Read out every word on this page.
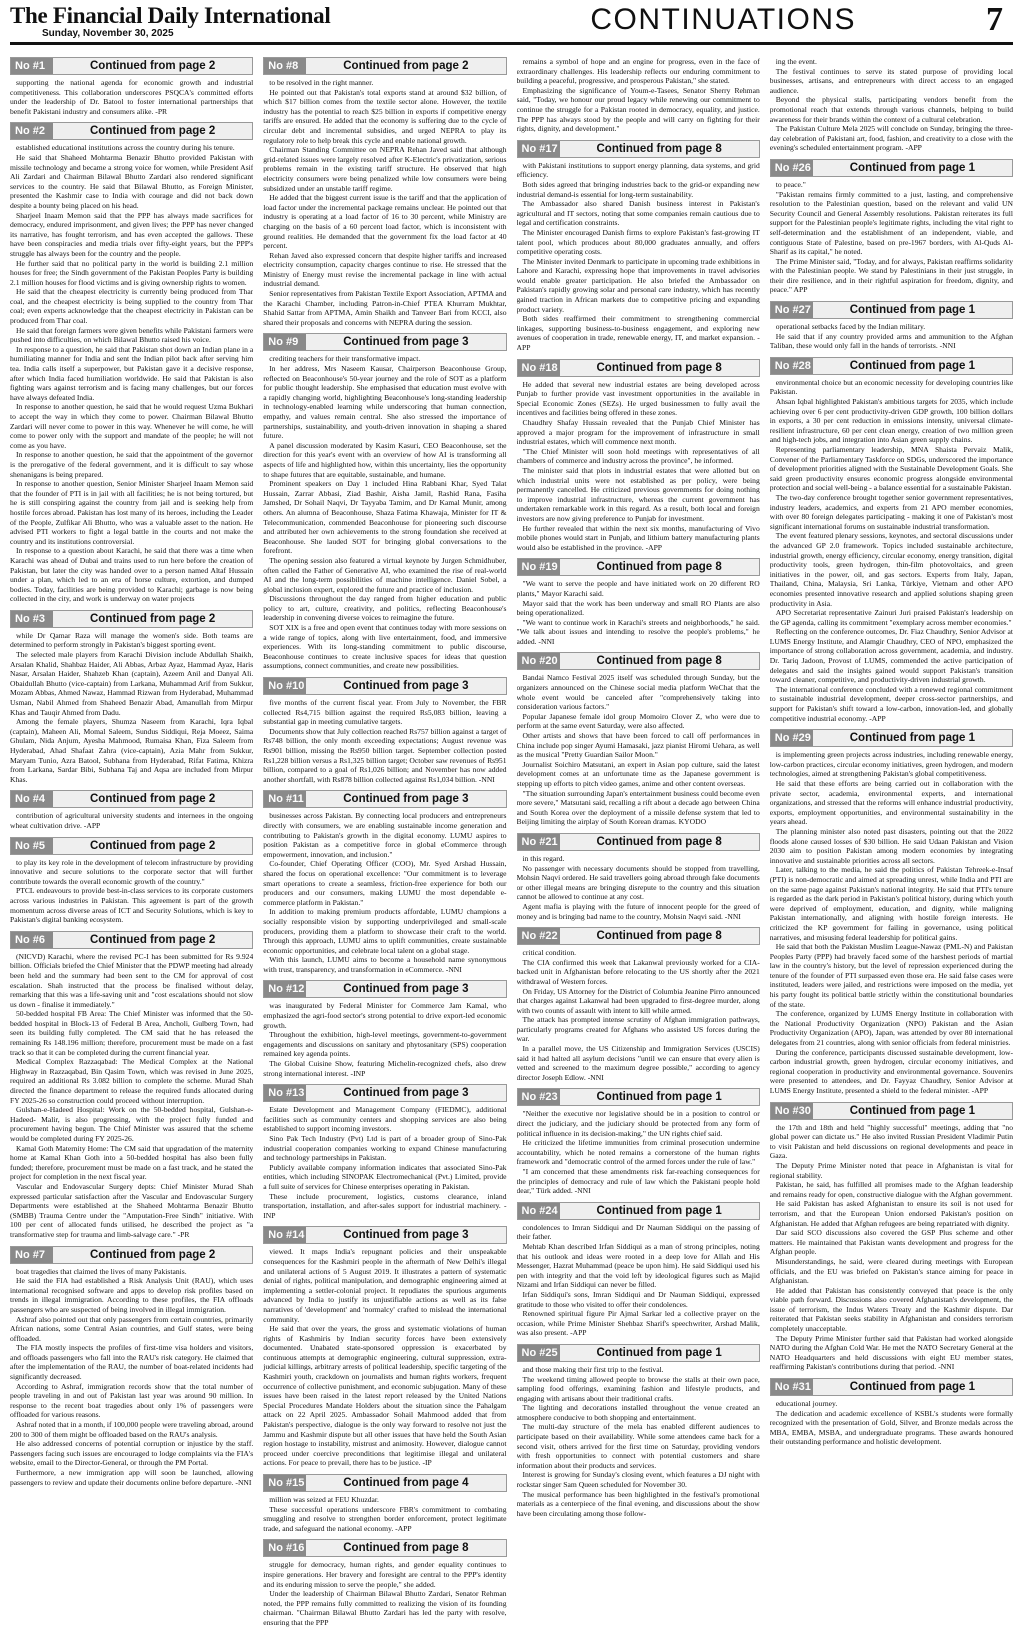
The Financial Daily International
Sunday, November 30, 2025	CONTINUATIONS	7
No #1	Continued from page 2

supporting the national agenda for economic growth and industrial competitiveness. This collaboration underscores PSQCA's committed efforts under the leadership of Dr. Batool to foster international partnerships that benefit Pakistani industry and consumers alike. -PR

No #2	Continued from page 2

established educational institutions across the country during his tenure.

He said that Shaheed Mohtarma Benazir Bhutto provided Pakistan with missile technology and became a strong voice for women, while President Asif Ali Zardari and Chairman Bilawal Bhutto Zardari also rendered significant services to the country. He said that Bilawal Bhutto, as Foreign Minister, presented the Kashmir case to India with courage and did not back down despite a bounty being placed on his head.

Sharjeel Inaam Memon said that the PPP has always made sacrifices for democracy, endured imprisonment, and given lives; the PPP has never changed its narrative, has fought terrorism, and has even accepted the gallows. These have been conspiracies and media trials over fifty-eight years, but the PPP's struggle has always been for the country and the people.

He further said that no political party in the world is building 2.1 million houses for free; the Sindh government of the Pakistan Peoples Party is building 2.1 million houses for flood victims and is giving ownership rights to women.

He said that the cheapest electricity is currently being produced from Thar coal, and the cheapest electricity is being supplied to the country from Thar coal; even experts acknowledge that the cheapest electricity in Pakistan can be produced from Thar coal.

He said that foreign farmers were given benefits while Pakistani farmers were pushed into difficulties, on which Bilawal Bhutto raised his voice.

In response to a question, he said that Pakistan shot down an Indian plane in a humiliating manner for India and sent the Indian pilot back after serving him tea. India calls itself a superpower, but Pakistan gave it a decisive response, after which India faced humiliation worldwide. He said that Pakistan is also fighting wars against terrorism and is facing many challenges, but our forces have always defeated India.

In response to another question, he said that he would request Uzma Bukhari to accept the way in which they come to power. Chairman Bilawal Bhutto Zardari will never come to power in this way. Whenever he will come, he will come to power only with the support and mandate of the people; he will not come as you have.

In response to another question, he said that the appointment of the governor is the prerogative of the federal government, and it is difficult to say whose shenanigans is being prepared.

In response to another question, Senior Minister Sharjeel Inaam Memon said that the founder of PTI is in jail with all facilities; he is not being tortured, but he is still conspiring against the country from jail and is seeking help from hostile forces abroad. Pakistan has lost many of its heroes, including the Leader of the People, Zulfikar Ali Bhutto, who was a valuable asset to the nation. He advised PTI workers to fight a legal battle in the courts and not make the country and its institutions controversial.

In response to a question about Karachi, he said that there was a time when Karachi was ahead of Dubai and trains used to run here before the creation of Pakistan, but later the city was handed over to a person named Altaf Hussain under a plan, which led to an era of horse culture, extortion, and dumped bodies. Today, facilities are being provided to Karachi; garbage is now being collected in the city, and work is underway on water projects

No #3	Continued from page 2

while Dr Qamar Raza will manage the women's side. Both teams are determined to perform strongly in Pakistan's biggest sporting event.

The selected male players from Karachi Division include Abdullah Shaikh, Arsalan Khalid, Shahbaz Haider, Ali Abbas, Arbaz Ayaz, Hammad Ayaz, Haris Nasar, Arsalan Haider, Shahzeb Khan (captain), Azeem Anil and Danyal Ali. Obaidullah Bhutto (vice-captain) from Larkana, Muhammad Arif from Sukkur, Mozam Abbas, Ahmed Nawaz, Hammad Rizwan from Hyderabad, Muhammad Usman, Nabil Ahmed from Shaheed Benazir Abad, Amanullah from Mirpur Khas and Tauqir Ahmed from Dadu.

Among the female players, Shumza Naseem from Karachi, Iqra Iqbal (captain), Maheen Ali, Momal Saleem, Sundus Siddiqui, Reja Moeez, Saima Ghulam, Nida Anjum, Ayesha Mahmood, Rumaisa Khan, Fiza Saleem from Hyderabad, Ahad Shafaat Zahra (vice-captain), Azia Mahr from Sukkur, Maryam Tunio, Azra Batool, Subhana from Hyderabad, Rifat Fatima, Khizra from Larkana, Sardar Bibi, Subhana Taj and Aqsa are included from Mirpur Khas.

No #4	Continued from page 2

contribution of agricultural university students and internees in the ongoing wheat cultivation drive. -APP

No #5	Continued from page 2

to play its key role in the development of telecom infrastructure by providing innovative and secure solutions to the corporate sector that will further contribute towards the overall economic growth of the country."

PTCL endeavours to provide best-in-class services to its corporate customers across various industries in Pakistan. This agreement is part of the growth momentum across diverse areas of ICT and Security Solutions, which is key to Pakistan's digital banking ecosystem.

No #6	Continued from page 2

(NICVD) Karachi, where the revised PC-I has been submitted for Rs 9.924 billion. Officials briefed the Chief Minister that the PDWP meeting had already been held and the summary had been sent to the CM for approval of cost escalation. Shah instructed that the process be finalised without delay, remarking that this was a life-saving unit and "cost escalations should not slow us down - finalise it immediately."

50-bedded hospital FB Area: The Chief Minister was informed that the 50-bedded hospital in Block-13 of Federal B Area, Ancholi, Gulberg Town, had seen its building fully completed. The CM said that he has released the remaining Rs 148.196 million; therefore, procurement must be made on a fast track so that it can be completed during the current financial year.

Medical Complex Razzaqabad: The Medical Complex at the National Highway in Razzaqabad, Bin Qasim Town, which was revised in June 2025, required an additional Rs 3.082 billion to complete the scheme. Murad Shah directed the finance department to release the required funds allocated during FY 2025-26 so construction could proceed without interruption.

Gulshan-e-Hadeed Hospital: Work on the 50-bedded hospital, Gulshan-e-Hadeed- Malir, is also progressing, with the project fully funded and procurement having begun. The Chief Minister was assured that the scheme would be completed during FY 2025-26.

Kamal Goth Maternity Home: The CM said that upgradation of the maternity home at Kamal Khan Goth into a 50-bedded hospital has also been fully funded; therefore, procurement must be made on a fast track, and he stated the project for completion in the next fiscal year.

Vascular and Endovascular Surgery depts: Chief Minister Murad Shah expressed particular satisfaction after the Vascular and Endovascular Surgery Departments were established at the Shaheed Mohtarma Benazir Bhutto (SMBB) Trauma Centre under the "Amputation-Free Sindh" initiative. With 100 per cent of allocated funds utilised, he described the project as "a transformative step for trauma and limb-salvage care." -PR

No #7	Continued from page 2

boat tragedies that claimed the lives of many Pakistanis.

He said the FIA had established a Risk Analysis Unit (RAU), which uses international recognised software and apps to develop risk profiles based on trends in illegal immigration. According to these profiles, the FIA offloads passengers who are suspected of being involved in illegal immigration.

Ashraf also pointed out that only passengers from certain countries, primarily African nations, some Central Asian countries, and Gulf states, were being offloaded.

The FIA mostly inspects the profiles of first-time visa holders and visitors, and offloads passengers who fall into the RAU's risk category. He claimed that after the implementation of the RAU, the number of boat-related incidents had significantly decreased.

According to Ashraf, immigration records show that the total number of people traveling in and out of Pakistan last year was around 90 million. In response to the recent boat tragedies about only 1% of passengers were offloaded for various reasons.

Ashraf noted that in a month, if 100,000 people were traveling abroad, around 200 to 300 of them might be offloaded based on the RAU's analysis.

He also addressed concerns of potential corruption or injustice by the staff. Passengers facing such issues are encouraged to lodge complaints via the FIA's website, email to the Director-General, or through the PM Portal.

Furthermore, a new immigration app will soon be launched, allowing passengers to review and update their documents online before departure. -NNI

No #8	Continued from page 2

to be resolved in the right manner.

He pointed out that Pakistan's total exports stand at around $32 billion, of which $17 billion comes from the textile sector alone. However, the textile industry has the potential to reach $25 billion in exports if competitive energy tariffs are ensured. He added that the economy is suffering due to the cycle of circular debt and incremental subsidies, and urged NEPRA to play its regulatory role to help break this cycle and enable national growth.

Chairman Standing Committee on NEPRA Rehan Javed said that although grid-related issues were largely resolved after K-Electric's privatization, serious problems remain in the existing tariff structure. He observed that high electricity consumers were being penalized while low consumers were being subsidized under an unstable tariff regime.

He added that the biggest current issue is the tariff and that the application of load factor under the incremental package remains unclear. He pointed out that industry is operating at a load factor of 16 to 30 percent, while Ministry are charging on the basis of a 60 percent load factor, which is inconsistent with ground realities. He demanded that the government fix the load factor at 40 percent.

Rehan Javed also expressed concern that despite higher tariffs and increased electricity consumption, capacity charges continue to rise. He stressed that the Ministry of Energy must revise the incremental package in line with actual industrial demand.

Senior representatives from Pakistan Textile Export Association, APTMA and the Karachi Chamber, including Patron-in-Chief PTEA Khurram Mukhtar, Shahid Sattar from APTMA, Amin Shaikh and Tanveer Bari from KCCI, also shared their proposals and concerns with NEPRA during the session.

No #9	Continued from page 3

crediting teachers for their transformative impact.

In her address, Mrs Naseem Kausar, Chairperson Beaconhouse Group, reflected on Beaconhouse's 50-year journey and the role of SOT as a platform for public thought leadership. She emphasised that education must evolve with a rapidly changing world, highlighting Beaconhouse's long-standing leadership in technology-enabled learning while underscoring that human connection, empathy, and values remain central. She also stressed the importance of partnerships, sustainability, and youth-driven innovation in shaping a shared future.

A panel discussion moderated by Kasim Kasuri, CEO Beaconhouse, set the direction for this year's event with an overview of how AI is transforming all aspects of life and highlighted how, within this uncertainty, lies the opportunity to shape futures that are equitable, sustainable, and humane.

Prominent speakers on Day 1 included Hina Rabbani Khar, Syed Talat Hussain, Zarrar Abbasi, Ziad Bashir, Aisha Jamil, Rashid Rana, Fasiha Jamshed, Dr Sohail Naqvi, Dr Tayyaba Tamim, and Dr Kamal Munir, among others. An alumna of Beaconhouse, Shaza Fatima Khawaja, Minister for IT & Telecommunication, commended Beaconhouse for pioneering such discourse and attributed her own achievements to the strong foundation she received at Beaconhouse. She lauded SOT for bringing global conversations to the forefront.

The opening session also featured a virtual keynote by Jurgen Schmidhuber, often called the Father of Generative AI, who examined the rise of real-world AI and the long-term possibilities of machine intelligence. Daniel Sobel, a global inclusion expert, explored the future and practice of inclusion.

Discussions throughout the day ranged from higher education and public policy to art, culture, creativity, and politics, reflecting Beaconhouse's leadership in convening diverse voices to reimagine the future.

SOT XIX is a free and open event that continues today with more sessions on a wide range of topics, along with live entertainment, food, and immersive experiences. With its long-standing commitment to public discourse, Beaconhouse continues to create inclusive spaces for ideas that question assumptions, connect communities, and create new possibilities.

No #10	Continued from page 3

five months of the current fiscal year. From July to November, the FBR collected Rs4,715 billion against the required Rs5,083 billion, leaving a substantial gap in meeting cumulative targets.

Documents show that July collection reached Rs757 billion against a target of Rs748 billion, the only month exceeding expectations; August revenue was Rs901 billion, missing the Rs950 billion target. September collection posted Rs1,228 billion versus a Rs1,325 billion target; October saw revenues of Rs951 billion, compared to a goal of Rs1,026 billion; and November has now added another shortfall, with Rs878 billion collected against Rs1,034 billion. -NNI

No #11	Continued from page 3

businesses across Pakistan. By connecting local producers and entrepreneurs directly with consumers, we are enabling sustainable income generation and contributing to Pakistan's growth in the digital economy. LUMU aspires to position Pakistan as a competitive force in global eCommerce through empowerment, innovation, and inclusion."

Co-founder, Chief Operating Officer (COO), Mr. Syed Arshad Hussain, shared the focus on operational excellence: "Our commitment is to leverage smart operations to create a seamless, friction-free experience for both our producers and our consumers, making LUMU the most dependable e-commerce platform in Pakistan."

In addition to making premium products affordable, LUMU champions a socially responsible vision by supporting underprivileged and small-scale producers, providing them a platform to showcase their craft to the world. Through this approach, LUMU aims to uplift communities, create sustainable economic opportunities, and celebrate local talent on a global stage.

With this launch, LUMU aims to become a household name synonymous with trust, transparency, and transformation in eCommerce. -NNI

No #12	Continued from page 3

was inaugurated by Federal Minister for Commerce Jam Kamal, who emphasized the agri-food sector's strong potential to drive export-led economic growth.

Throughout the exhibition, high-level meetings, government-to-government engagements and discussions on sanitary and phytosanitary (SPS) cooperation remained key agenda points.

The Global Cuisine Show, featuring Michelin-recognized chefs, also drew strong international interest. -INP

No #13	Continued from page 3

Estate Development and Management Company (FIEDMC), additional facilities such as community centers and shopping services are also being established to support incoming investors.

Sino Pak Tech Industry (Pvt) Ltd is part of a broader group of Sino-Pak industrial cooperation companies working to expand Chinese manufacturing and technology partnerships in Pakistan.

Publicly available company information indicates that associated Sino-Pak entities, which including SINOPAK Electromechanical (Pvt.) Limited, provide a full suite of services for Chinese enterprises operating in Pakistan.

These include procurement, logistics, customs clearance, inland transportation, installation, and after-sales support for industrial machinery. -INP

No #14	Continued from page 3

viewed. It maps India's repugnant policies and their unspeakable consequences for the Kashmiri people in the aftermath of New Delhi's illegal and unilateral actions of 5 August 2019. It illustrates a pattern of systematic denial of rights, political manipulation, and demographic engineering aimed at implementing a settler-colonial project. It repudiates the spurious arguments advanced by India to justify its unjustifiable actions as well as its false narratives of 'development' and 'normalcy' crafted to mislead the international community.

He said that over the years, the gross and systematic violations of human rights of Kashmiris by Indian security forces have been extensively documented. Unabated state-sponsored oppression is exacerbated by continuous attempts at demographic engineering, cultural suppression, extra-judicial killings, arbitrary arrests of political leadership, specific targeting of the Kashmiri youth, crackdown on journalists and human rights workers, frequent occurrence of collective punishment, and economic subjugation. Many of these issues have been raised in the latest report released by the United Nations Special Procedures Mandate Holders about the situation since the Pahalgam attack on 22 April 2025. Ambassador Sohail Mahmood added that from Pakistan's perspective, dialogue is the only way forward to resolve not just the Jammu and Kashmir dispute but all other issues that have held the South Asian region hostage to instability, mistrust and animosity. However, dialogue cannot proceed under coercive preconditions that legitimise illegal and unilateral actions. For peace to prevail, there has to be justice. -IP

No #15	Continued from page 4

million was seized at FEU Khuzdar.

These successful operations underscore FBR's commitment to combating smuggling and resolve to strengthen border enforcement, protect legitimate trade, and safeguard the national economy. -APP

No #16	Continued from page 8

struggle for democracy, human rights, and gender equality continues to inspire generations. Her bravery and foresight are central to the PPP's identity and its enduring mission to serve the people," she added.

Under the leadership of Chairman Bilawal Bhutto Zardari, Senator Rehman noted, the PPP remains fully committed to realizing the vision of its founding chairman. "Chairman Bilawal Bhutto Zardari has led the party with resolve, ensuring that the PPP

remains a symbol of hope and an engine for progress, even in the face of extraordinary challenges. His leadership reflects our enduring commitment to building a peaceful, progressive, and prosperous Pakistan," she stated.

Emphasizing the significance of Youm-e-Tasees, Senator Sherry Rehman said, "Today, we honour our proud legacy while renewing our commitment to continue the struggle for a Pakistan rooted in democracy, equality, and justice. The PPP has always stood by the people and will carry on fighting for their rights, dignity, and development."

No #17	Continued from page 8

with Pakistani institutions to support energy planning, data systems, and grid efficiency.

Both sides agreed that bringing industries back to the grid-or expanding new industrial demand-is essential for long-term sustainability.

The Ambassador also shared Danish business interest in Pakistan's agricultural and IT sectors, noting that some companies remain cautious due to legal and certification constraints.

The Minister encouraged Danish firms to explore Pakistan's fast-growing IT talent pool, which produces about 80,000 graduates annually, and offers competitive operating costs.

The Minister invited Denmark to participate in upcoming trade exhibitions in Lahore and Karachi, expressing hope that improvements in travel advisories would enable greater participation. He also briefed the Ambassador on Pakistan's rapidly growing solar and personal care industry, which has recently gained traction in African markets due to competitive pricing and expanding product variety.

Both sides reaffirmed their commitment to strengthening commercial linkages, supporting business-to-business engagement, and exploring new avenues of cooperation in trade, renewable energy, IT, and market expansion. -APP

No #18	Continued from page 8

He added that several new industrial estates are being developed across Punjab to further provide vast investment opportunities in the available in Special Economic Zones (SEZs). He urged businessmen to fully avail the incentives and facilities being offered in these zones.

Chaudhry Shafay Hussain revealed that the Punjab Chief Minister has approved a major program for the improvement of infrastructure in small industrial estates, which will commence next month.

"The Chief Minister will soon hold meetings with representatives of all chambers of commerce and industry across the province", he informed.

The minister said that plots in industrial estates that were allotted but on which industrial units were not established as per policy, were being permanently cancelled. He criticized previous governments for doing nothing to improve industrial infrastructure, whereas the current government has undertaken remarkable work in this regard. As a result, both local and foreign investors are now giving preference to Punjab for investment.

He further revealed that within the next six months, manufacturing of Vivo mobile phones would start in Punjab, and lithium battery manufacturing plants would also be established in the province. -APP

No #19	Continued from page 8

"We want to serve the people and have initiated work on 20 different RO plants," Mayor Karachi said.

Mayor said that the work has been underway and small RO Plants are also being operationalized.

"We want to continue work in Karachi's streets and neighborhoods," he said. "We talk about issues and intending to resolve the people's problems," he added. -NNI

No #20	Continued from page 8

Bandai Namco Festival 2025 itself was scheduled through Sunday, but the organizers announced on the Chinese social media platform WeChat that the whole event would be canceled after "comprehensively taking into consideration various factors."

Popular Japanese female idol group Momoiro Clover Z, who were due to perform at the same event Saturday, were also affected.

Other artists and shows that have been forced to call off performances in China include pop singer Ayumi Hamasaki, jazz pianist Hiromi Uehara, as well as the musical "Pretty Guardian Sailor Moon."

Journalist Soichiro Matsutani, an expert in Asian pop culture, said the latest development comes at an unfortunate time as the Japanese government is stepping up efforts to pitch video games, anime and other content overseas.

"The situation surrounding Japan's entertainment business could become even more severe," Matsutani said, recalling a rift about a decade ago between China and South Korea over the deployment of a missile defense system that led to Beijing limiting the airplay of South Korean dramas. KYODO

No #21	Continued from page 8

in this regard.

No passenger with necessary documents should be stopped from travelling, Mohsin Naqvi ordered. He said travellers going abroad through fake documents or other illegal means are bringing disrepute to the country and this situation cannot be allowed to continue at any cost.

Agent mafia is playing with the future of innocent people for the greed of money and is bringing bad name to the country, Mohsin Naqvi said. -NNI

No #22	Continued from page 8

critical condition.

The CIA confirmed this week that Lakanwal previously worked for a CIA-backed unit in Afghanistan before relocating to the US shortly after the 2021 withdrawal of Western forces.

On Friday, US Attorney for the District of Columbia Jeanine Pirro announced that charges against Lakanwal had been upgraded to first-degree murder, along with two counts of assault with intent to kill while armed.

The attack has prompted intense scrutiny of Afghan immigration pathways, particularly programs created for Afghans who assisted US forces during the war.

In a parallel move, the US Citizenship and Immigration Services (USCIS) said it had halted all asylum decisions "until we can ensure that every alien is vetted and screened to the maximum degree possible," according to agency director Joseph Edlow. -NNI

No #23	Continued from page 1

"Neither the executive nor legislative should be in a position to control or direct the judiciary, and the judiciary should be protected from any form of political influence in its decision-making," the UN rights chief said.

He criticized the lifetime immunities from criminal prosecution undermine accountability, which he noted remains a cornerstone of the human rights framework and "democratic control of the armed forces under the rule of law."

"I am concerned that these amendments risk far-reaching consequences for the principles of democracy and rule of law which the Pakistani people hold dear," Türk added. -NNI

No #24	Continued from page 1

condolences to Imran Siddiqui and Dr Nauman Siddiqui on the passing of their father.

Mehtab Khan described Irfan Siddiqui as a man of strong principles, noting that his outlook and ideas were rooted in a deep love for Allah and His Messenger, Hazrat Muhammad (peace be upon him). He said Siddiqui used his pen with integrity and that the void left by ideological figures such as Majid Nizami and Irfan Siddiqui can never be filled.

Irfan Siddiqui's sons, Imran Siddiqui and Dr Nauman Siddiqui, expressed gratitude to those who visited to offer their condolences.

Renowned spiritual figure Pir Ajmal Sarkar led a collective prayer on the occasion, while Prime Minister Shehbaz Sharif's speechwriter, Arshad Malik, was also present. -APP

No #25	Continued from page 1

and those making their first trip to the festival.

The weekend timing allowed people to browse the stalls at their own pace, sampling food offerings, examining fashion and lifestyle products, and engaging with artisans about their traditional crafts.

The lighting and decorations installed throughout the venue created an atmosphere conducive to both shopping and entertainment.

The multi-day structure of the mela has enabled different audiences to participate based on their availability. While some attendees came back for a second visit, others arrived for the first time on Saturday, providing vendors with fresh opportunities to connect with potential customers and share information about their products and services.

Interest is growing for Sunday's closing event, which features a DJ night with rockstar singer Sam Queen scheduled for November 30.

The musical performance has been highlighted in the festival's promotional materials as a centerpiece of the final evening, and discussions about the show have been circulating among those follow-

ing the event.

The festival continues to serve its stated purpose of providing local businesses, artisans, and entrepreneurs with direct access to an engaged audience.

Beyond the physical stalls, participating vendors benefit from the promotional reach that extends through various channels, helping to build awareness for their brands within the context of a cultural celebration.

The Pakistan Culture Mela 2025 will conclude on Sunday, bringing the three-day celebration of Pakistani art, food, fashion, and creativity to a close with the evening's scheduled entertainment program. -APP

No #26	Continued from page 1

to peace."

"Pakistan remains firmly committed to a just, lasting, and comprehensive resolution to the Palestinian question, based on the relevant and valid UN Security Council and General Assembly resolutions. Pakistan reiterates its full support for the Palestinian people's legitimate rights, including the vital right to self-determination and the establishment of an independent, viable, and contiguous State of Palestine, based on pre-1967 borders, with Al-Quds Al-Sharif as its capital," he noted.

The Prime Minister said, "Today, and for always, Pakistan reaffirms solidarity with the Palestinian people. We stand by Palestinians in their just struggle, in their dire resilience, and in their rightful aspiration for freedom, dignity, and peace." APP

No #27	Continued from page 1

operational setbacks faced by the Indian military.

He said that if any country provided arms and ammunition to the Afghan Taliban, these would only fall in the hands of terrorists. -NNI

No #28	Continued from page 1

environmental choice but an economic necessity for developing countries like Pakistan.

Ahsan Iqbal highlighted Pakistan's ambitious targets for 2035, which include achieving over 6 per cent productivity-driven GDP growth, 100 billion dollars in exports, a 30 per cent reduction in emissions intensity, universal climate-resilient infrastructure, 60 per cent clean energy, creation of two million green and high-tech jobs, and integration into Asian green supply chains.

Representing parliamentary leadership, MNA Shaista Pervaiz Malik, Convener of the Parliamentary Taskforce on SDGs, underscored the importance of development priorities aligned with the Sustainable Development Goals. She said green productivity ensures economic progress alongside environmental protection and social well-being - a balance essential for a sustainable Pakistan.

The two-day conference brought together senior government representatives, industry leaders, academics, and experts from 21 APO member economies, with over 80 foreign delegates participating - making it one of Pakistan's most significant international forums on sustainable industrial transformation.

The event featured plenary sessions, keynotes, and sectoral discussions under the advanced GP 2.0 framework. Topics included sustainable architecture, industrial growth, energy efficiency, circular economy, energy transition, digital productivity tools, green hydrogen, thin-film photovoltaics, and green initiatives in the power, oil, and gas sectors. Experts from Italy, Japan, Thailand, China, Malaysia, Sri Lanka, Türkiye, Vietnam and other APO economies presented innovative research and applied solutions shaping green productivity in Asia.

APO Secretariat representative Zainuri Juri praised Pakistan's leadership on the GP agenda, calling its commitment "exemplary across member economies."

Reflecting on the conference outcomes, Dr. Fiaz Chaudhry, Senior Advisor at LUMS Energy Institute, and Alamgir Chaudhry, CEO of NPO, emphasized the importance of strong collaboration across government, academia, and industry. Dr. Tariq Jadoon, Provost of LUMS, commended the active participation of delegates and said the insights gained would support Pakistan's transition toward cleaner, competitive, and productivity-driven industrial growth.

The international conference concluded with a renewed regional commitment to sustainable industrial development, deeper cross-sector partnerships, and support for Pakistan's shift toward a low-carbon, innovation-led, and globally competitive industrial economy. -APP

No #29	Continued from page 1

is implementing green projects across industries, including renewable energy, low-carbon practices, circular economy initiatives, green hydrogen, and modern technologies, aimed at strengthening Pakistan's global competitiveness.

He said that these efforts are being carried out in collaboration with the private sector, academia, environmental experts, and international organizations, and stressed that the reforms will enhance industrial productivity, exports, employment opportunities, and environmental sustainability in the years ahead.

The planning minister also noted past disasters, pointing out that the 2022 floods alone caused losses of $30 billion. He said Udaan Pakistan and Vision 2030 aim to position Pakistan among modern economies by integrating innovative and sustainable priorities across all sectors.

Later, talking to the media, he said the politics of Pakistan Tehreek-e-Insaf (PTI) is non-democratic and aimed at spreading unrest, while India and PTI are on the same page against Pakistan's national integrity. He said that PTI's tenure is regarded as the dark period in Pakistan's political history, during which youth were deprived of employment, education, and dignity, while maligning Pakistan internationally, and aligning with hostile foreign interests. He criticized the KP government for failing in governance, using political narratives, and misusing federal leadership for political gains.

He said that both the Pakistan Muslim League-Nawaz (PML-N) and Pakistan Peoples Party (PPP) had bravely faced some of the harshest periods of martial law in the country's history, but the level of repression experienced during the tenure of the founder of PTI surpassed even those era. He said false cases were instituted, leaders were jailed, and restrictions were imposed on the media, yet his party fought its political battle strictly within the constitutional boundaries of the state.

The conference, organized by LUMS Energy Institute in collaboration with the National Productivity Organization (NPO) Pakistan and the Asian Productivity Organization (APO), Japan, was attended by over 80 international delegates from 21 countries, along with senior officials from federal ministries.

During the conference, participants discussed sustainable development, low-carbon industrial growth, green hydrogen, circular economy initiatives, and regional cooperation in productivity and environmental governance. Souvenirs were presented to attendees, and Dr. Fayyaz Chaudhry, Senior Advisor at LUMS Energy Institute, presented a shield to the federal minister. -APP

No #30	Continued from page 1

the 17th and 18th and held "highly successful" meetings, adding that "no global power can dictate us." He also invited Russian President Vladimir Putin to visit Pakistan and held discussions on regional developments and peace in Gaza.

The Deputy Prime Minister noted that peace in Afghanistan is vital for regional stability.

Pakistan, he said, has fulfilled all promises made to the Afghan leadership and remains ready for open, constructive dialogue with the Afghan government.

He said Pakistan has asked Afghanistan to ensure its soil is not used for terrorism, and that the European Union endorsed Pakistan's position on Afghanistan. He added that Afghan refugees are being repatriated with dignity.

Dar said SCO discussions also covered the GSP Plus scheme and other matters. He maintained that Pakistan wants development and progress for the Afghan people.

Misunderstandings, he said, were cleared during meetings with European officials, and the EU was briefed on Pakistan's stance aiming for peace in Afghanistan.

He added that Pakistan has consistently conveyed that peace is the only viable path forward. Discussions also covered Afghanistan's development, the issue of terrorism, the Indus Waters Treaty and the Kashmir dispute. Dar reiterated that Pakistan seeks stability in Afghanistan and considers terrorism completely unacceptable.

The Deputy Prime Minister further said that Pakistan had worked alongside NATO during the Afghan Cold War. He met the NATO Secretary General at the NATO Headquarters and held discussions with eight EU member states, reaffirming Pakistan's contributions during that period. -NNI

No #31	Continued from page 1

educational journey.

The dedication and academic excellence of KSBL's students were formally recognized with the presentation of Gold, Silver, and Bronze medals across the MBA, EMBA, MSBA, and undergraduate programs. These awards honoured their outstanding performance and holistic development.
